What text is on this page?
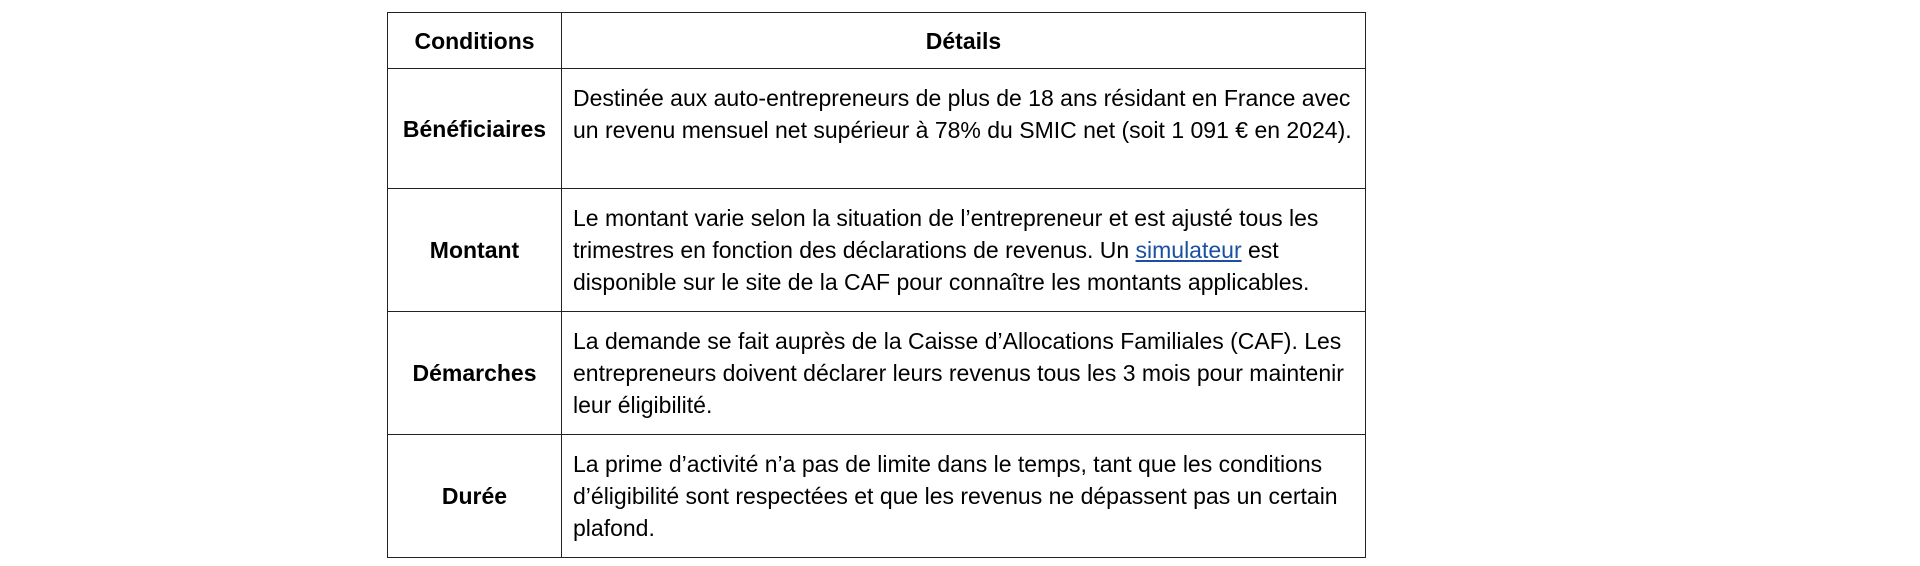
Conditions	Détails
Bénéficiaires	Destinée aux auto-entrepreneurs de plus de 18 ans résidant en France avec un revenu mensuel net supérieur à 78% du SMIC net (soit 1 091 € en 2024).
Montant	Le montant varie selon la situation de l’entrepreneur et est ajusté tous les trimestres en fonction des déclarations de revenus. Un simulateur est disponible sur le site de la CAF pour connaître les montants applicables.
Démarches	La demande se fait auprès de la Caisse d’Allocations Familiales (CAF). Les entrepreneurs doivent déclarer leurs revenus tous les 3 mois pour maintenir leur éligibilité.
Durée	La prime d’activité n’a pas de limite dans le temps, tant que les conditions d’éligibilité sont respectées et que les revenus ne dépassent pas un certain plafond.
